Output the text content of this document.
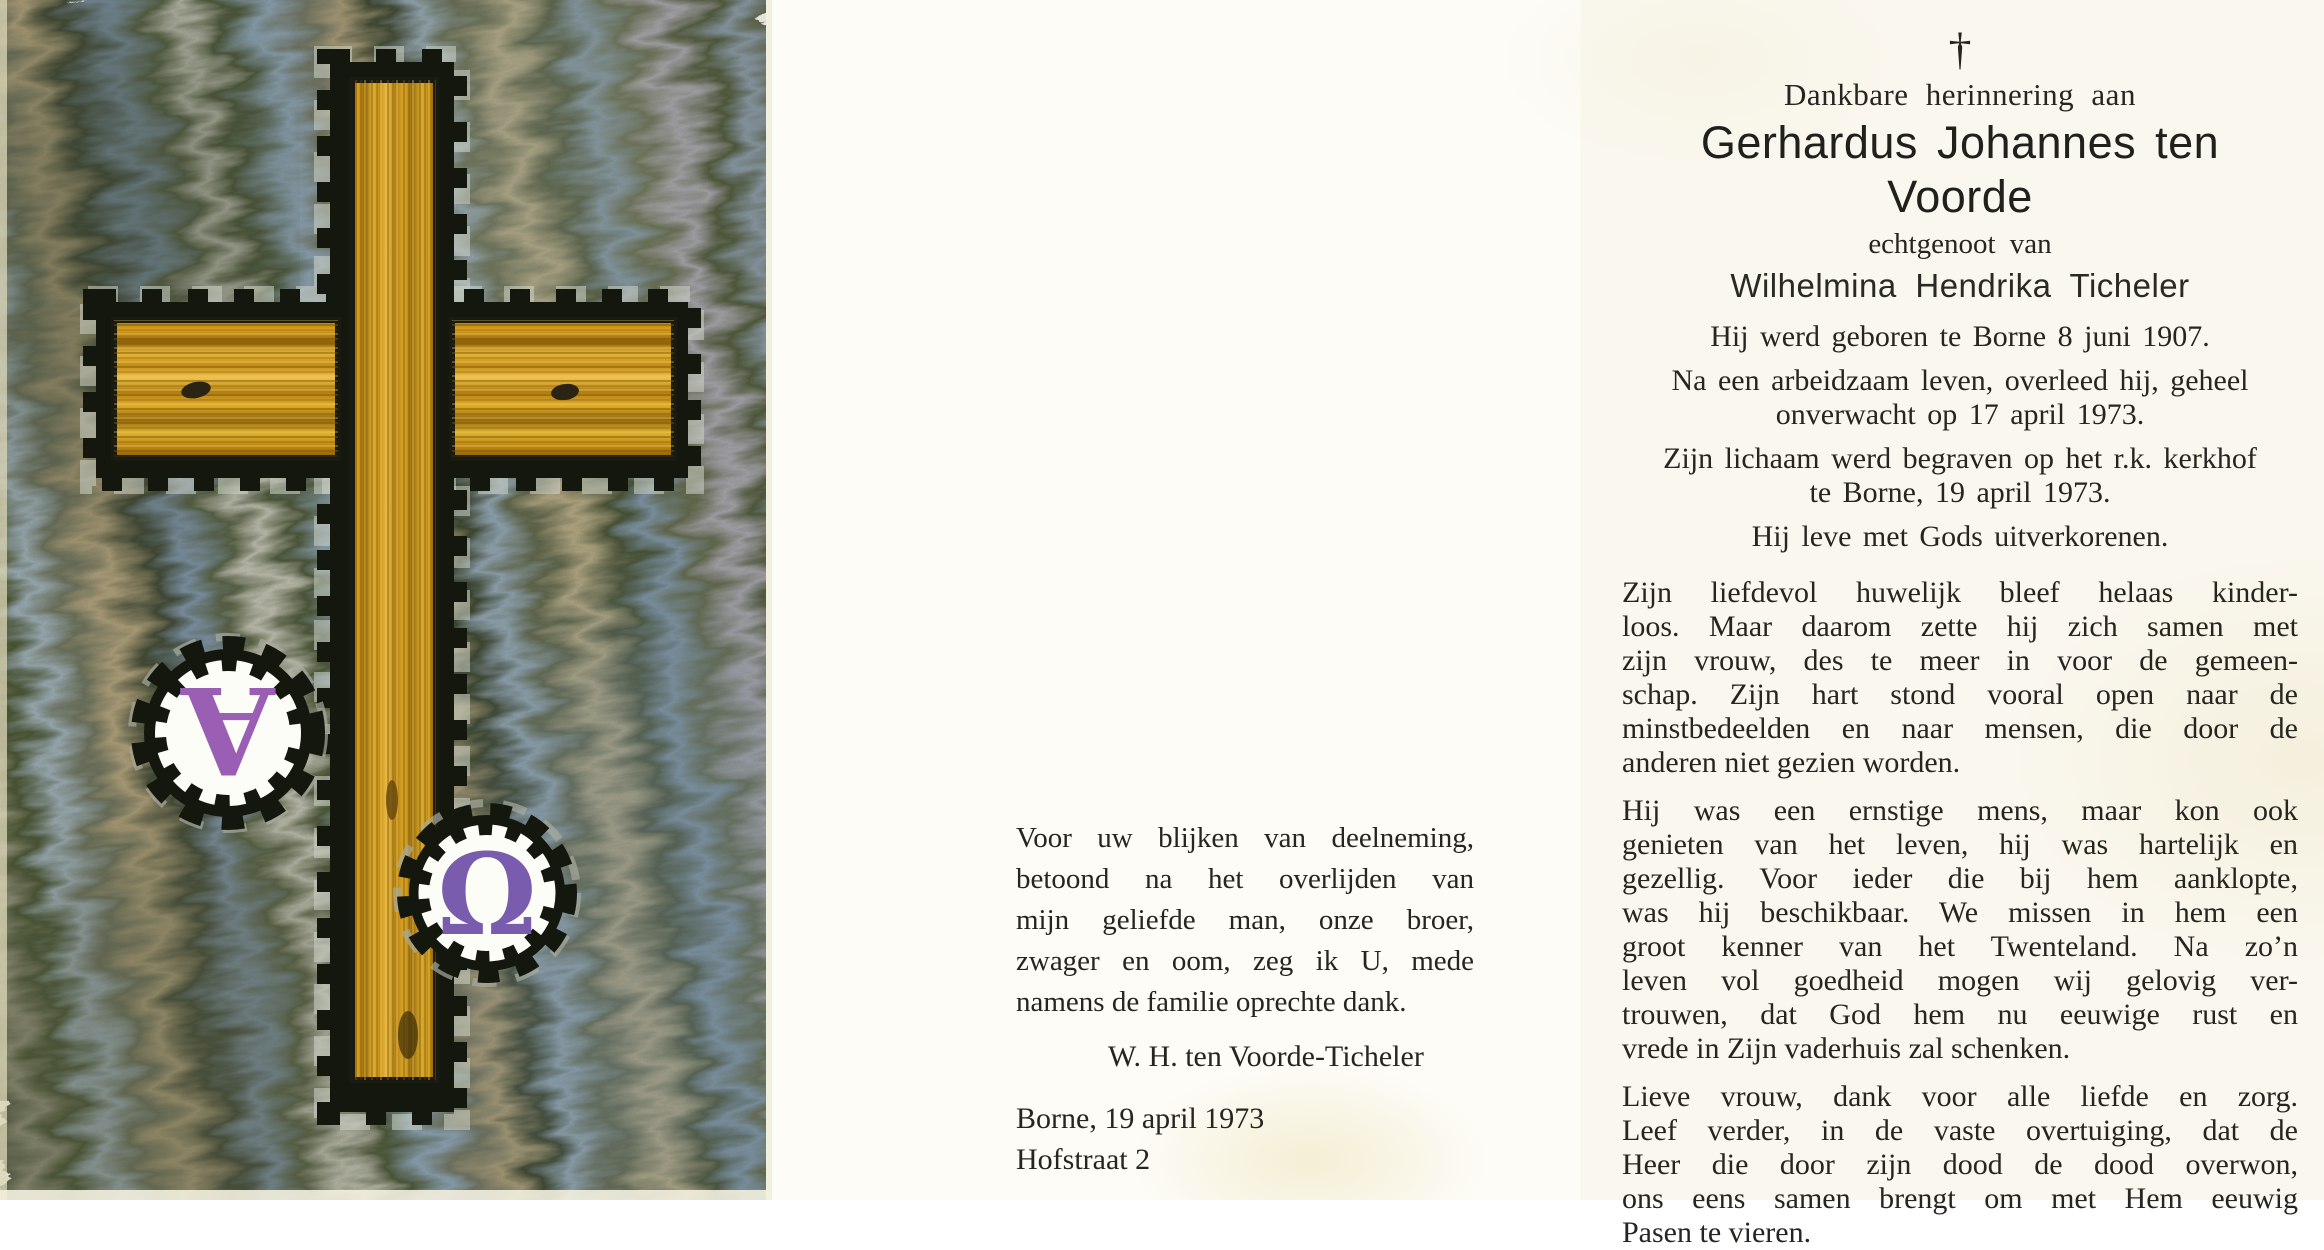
A
Ω	Voor uw blijken van deelneming,
betoond na het overlijden van
mijn geliefde man, onze broer,
zwager en oom, zeg ik U, mede
namens de familie oprechte dank.
W. H. ten Voorde-Ticheler
Borne, 19 april 1973
Hofstraat 2
†
Dankbare herinnering aan
Gerhardus Johannes ten Voorde
echtgenoot van
Wilhelmina Hendrika Ticheler
Hij werd geboren te Borne 8 juni 1907.
Na een arbeidzaam leven, overleed hij, geheel
onverwacht op 17 april 1973.
Zijn lichaam werd begraven op het r.k. kerkhof
te Borne, 19 april 1973.
Hij leve met Gods uitverkorenen.
Zijn liefdevol huwelijk bleef helaas kinder-
loos. Maar daarom zette hij zich samen met
zijn vrouw, des te meer in voor de gemeen-
schap. Zijn hart stond vooral open naar de
minstbedeelden en naar mensen, die door de
anderen niet gezien worden.
Hij was een ernstige mens, maar kon ook
genieten van het leven, hij was hartelijk en
gezellig. Voor ieder die bij hem aanklopte,
was hij beschikbaar. We missen in hem een
groot kenner van het Twenteland. Na zo’n
leven vol goedheid mogen wij gelovig ver-
trouwen, dat God hem nu eeuwige rust en
vrede in Zijn vaderhuis zal schenken.
Lieve vrouw, dank voor alle liefde en zorg.
Leef verder, in de vaste overtuiging, dat de
Heer die door zijn dood de dood overwon,
ons eens samen brengt om met Hem eeuwig
Pasen te vieren.
